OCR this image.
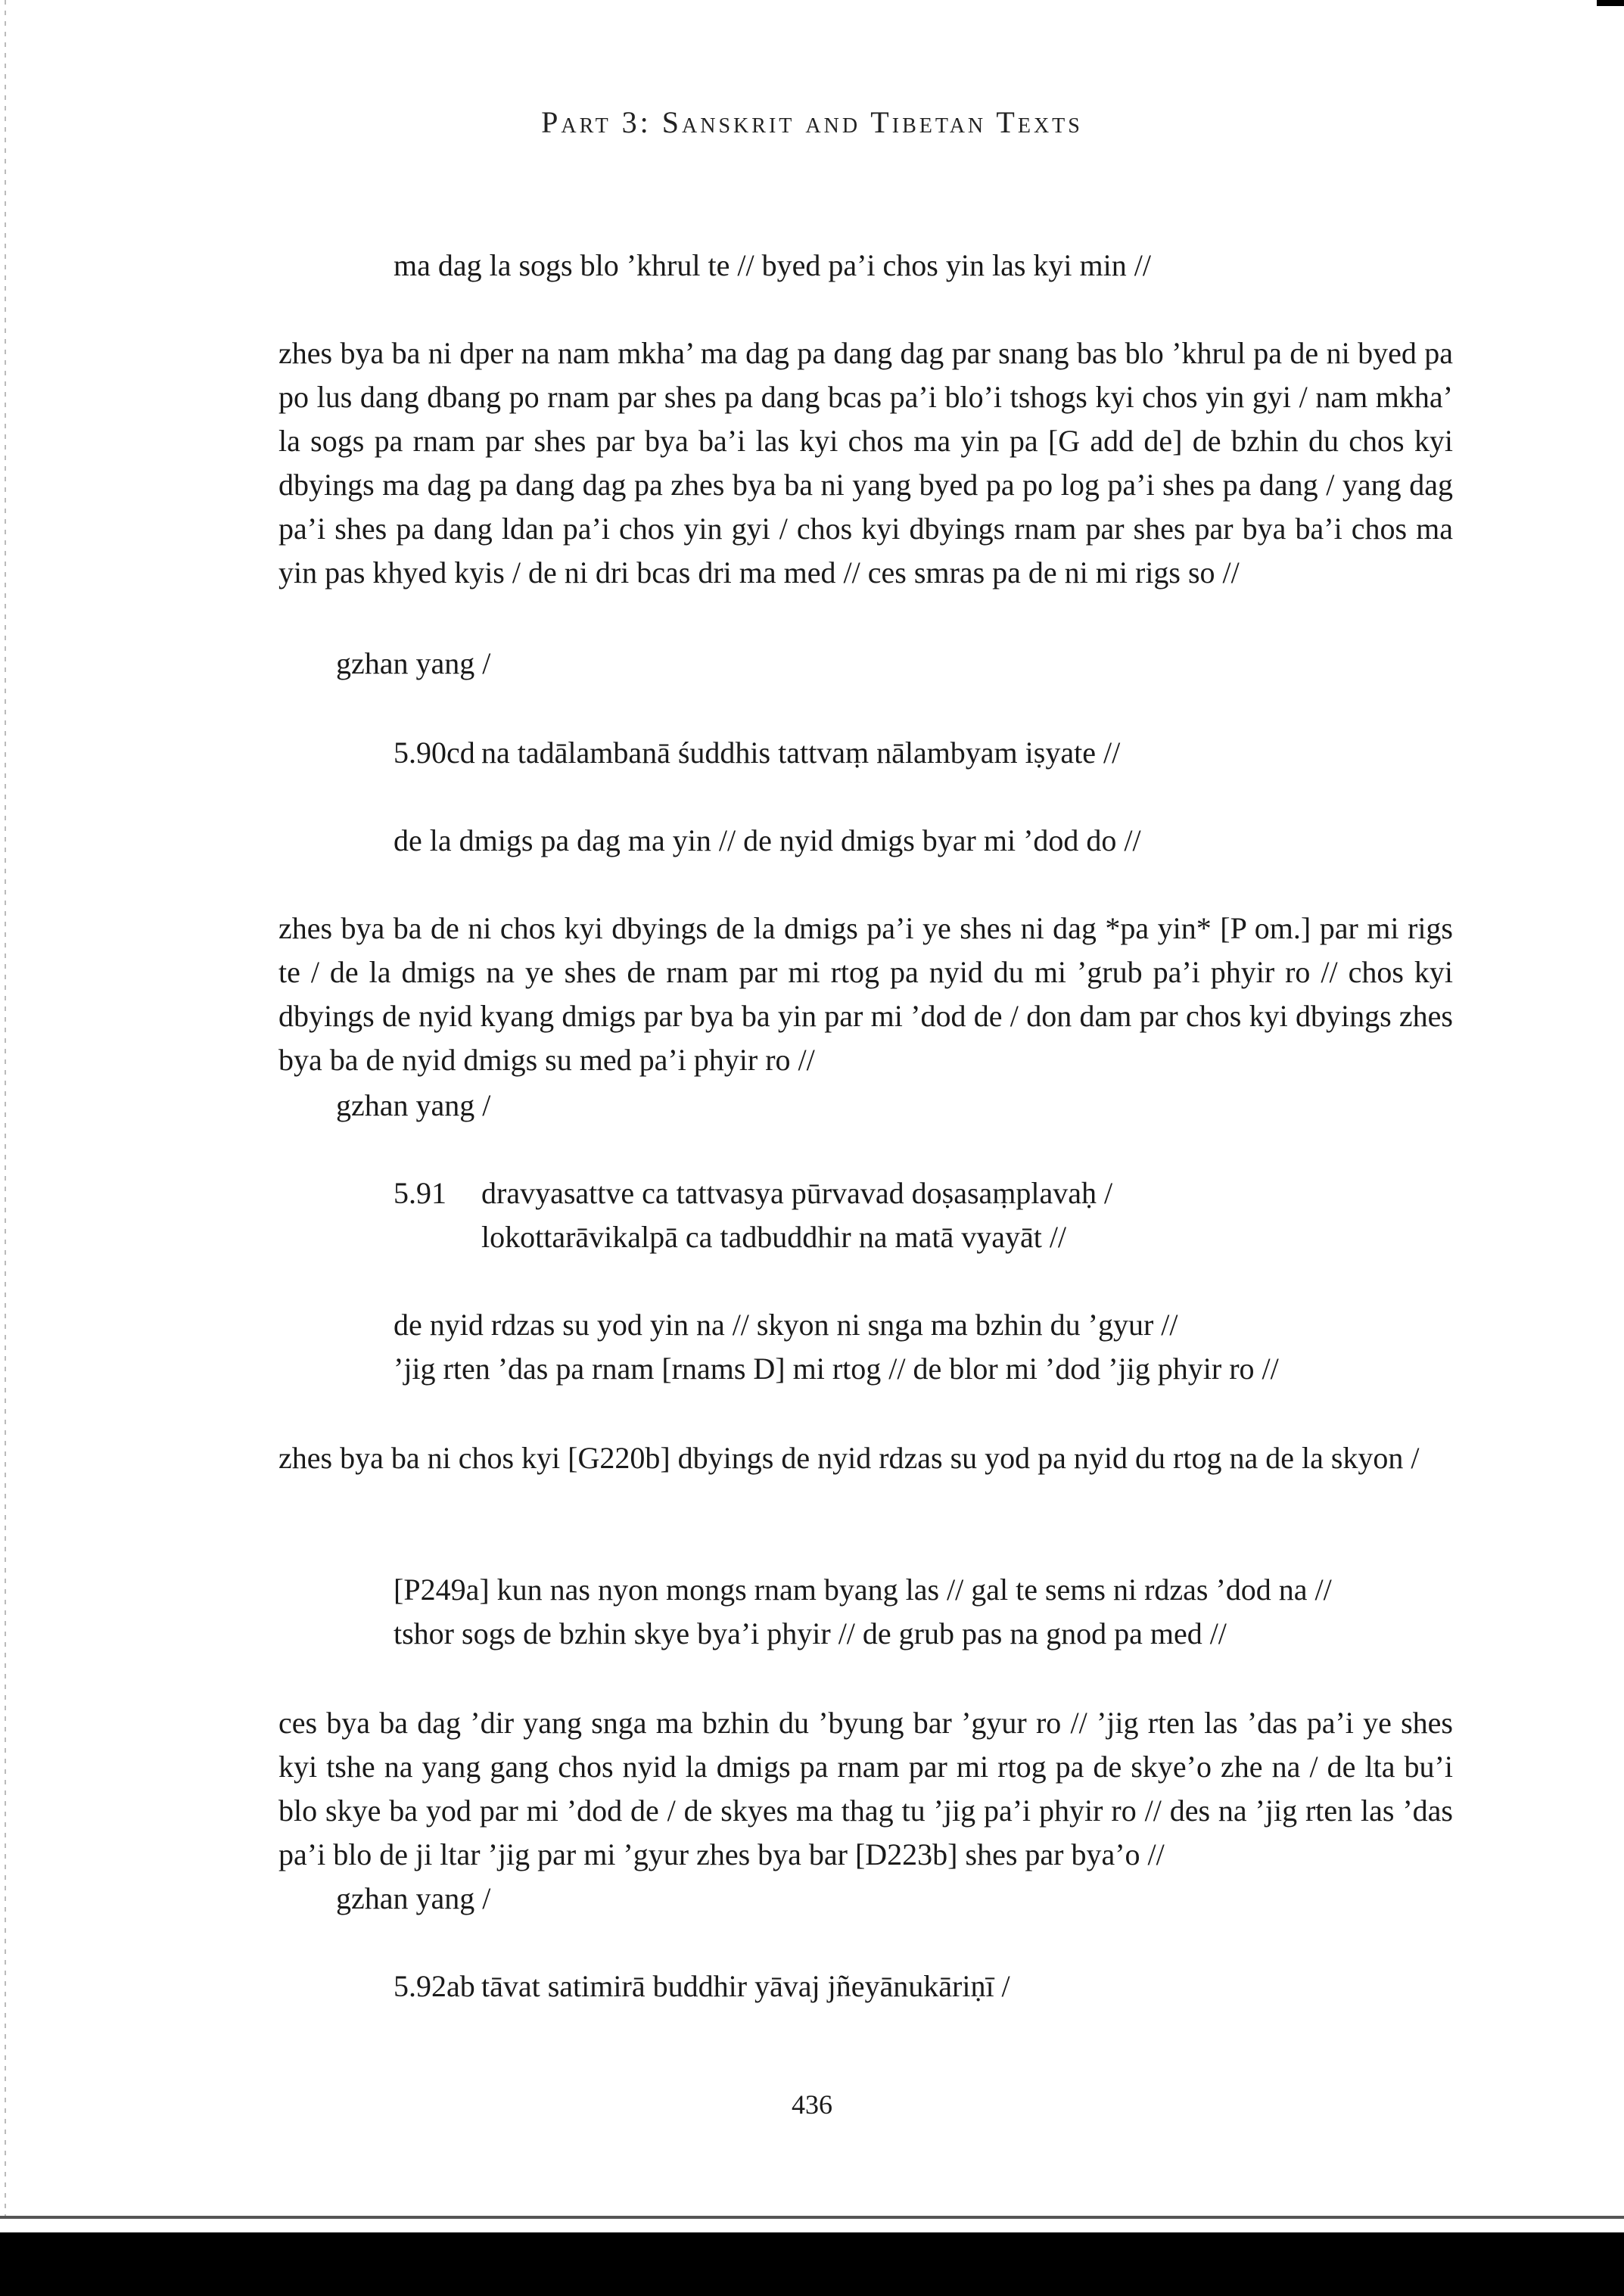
Part 3: Sanskrit and Tibetan Texts
ma dag la sogs blo ’khrul te // byed pa’i chos yin las kyi min //
zhes bya ba ni dper na nam mkha’ ma dag pa dang dag par snang bas blo ’khrul pa de ni byed pa po lus dang dbang po rnam par shes pa dang bcas pa’i blo’i tshogs kyi chos yin gyi / nam mkha’ la sogs pa rnam par shes par bya ba’i las kyi chos ma yin pa [G add de] de bzhin du chos kyi dbyings ma dag pa dang dag pa zhes bya ba ni yang byed pa po log pa’i shes pa dang / yang dag pa’i shes pa dang ldan pa’i chos yin gyi / chos kyi dbyings rnam par shes par bya ba’i chos ma yin pas khyed kyis / de ni dri bcas dri ma med // ces smras pa de ni mi rigs so //
gzhan yang /
5.90cd na tadālambanā śuddhis tattvaṃ nālambyam iṣyate //
de la dmigs pa dag ma yin // de nyid dmigs byar mi ’dod do //
zhes bya ba de ni chos kyi dbyings de la dmigs pa’i ye shes ni dag *pa yin* [P om.] par mi rigs te / de la dmigs na ye shes de rnam par mi rtog pa nyid du mi ’grub pa’i phyir ro // chos kyi dbyings de nyid kyang dmigs par bya ba yin par mi ’dod de / don dam par chos kyi dbyings zhes bya ba de nyid dmigs su med pa’i phyir ro //
gzhan yang /
5.91 dravyasattve ca tattvasya pūrvavad doṣasaṃplavaḥ /
lokottarāvikalpā ca tadbuddhir na matā vyayāt //
de nyid rdzas su yod yin na // skyon ni snga ma bzhin du ’gyur //
’jig rten ’das pa rnam [rnams D] mi rtog // de blor mi ’dod ’jig phyir ro //
zhes bya ba ni chos kyi [G220b] dbyings de nyid rdzas su yod pa nyid du rtog na de la skyon /
[P249a] kun nas nyon mongs rnam byang las // gal te sems ni rdzas ’dod na //
tshor sogs de bzhin skye bya’i phyir // de grub pas na gnod pa med //
ces bya ba dag ’dir yang snga ma bzhin du ’byung bar ’gyur ro // ’jig rten las ’das pa’i ye shes kyi tshe na yang gang chos nyid la dmigs pa rnam par mi rtog pa de skye’o zhe na / de lta bu’i blo skye ba yod par mi ’dod de / de skyes ma thag tu ’jig pa’i phyir ro // des na ’jig rten las ’das pa’i blo de ji ltar ’jig par mi ’gyur zhes bya bar [D223b] shes par bya’o //
gzhan yang /
5.92ab tāvat satimirā buddhir yāvaj jñeyānukāriṇī /
436
